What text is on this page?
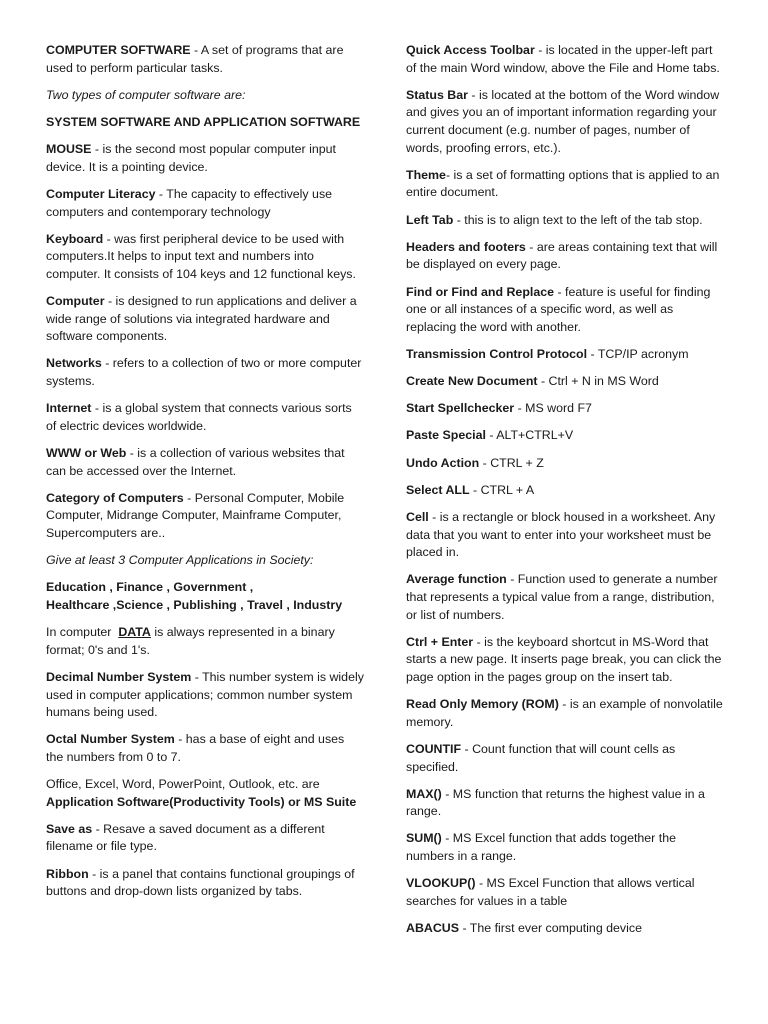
COMPUTER SOFTWARE - A set of programs that are used to perform particular tasks.

Two types of computer software are:

SYSTEM SOFTWARE AND APPLICATION SOFTWARE

MOUSE - is the second most popular computer input device. It is a pointing device.

Computer Literacy - The capacity to effectively use computers and contemporary technology

Keyboard - was first peripheral device to be used with computers.It helps to input text and numbers into computer. It consists of 104 keys and 12 functional keys.

Computer - is designed to run applications and deliver a wide range of solutions via integrated hardware and software components.

Networks - refers to a collection of two or more computer systems.

Internet - is a global system that connects various sorts of electric devices worldwide.

WWW or Web - is a collection of various websites that can be accessed over the Internet.

Category of Computers - Personal Computer, Mobile Computer, Midrange Computer, Mainframe Computer, Supercomputers are..

Give at least 3 Computer Applications in Society:

Education , Finance , Government ,
Healthcare ,Science , Publishing , Travel , Industry

In computer  DATA is always represented in a binary format; 0's and 1's.

Decimal Number System - This number system is widely used in computer applications; common number system humans being used.

Octal Number System - has a base of eight and uses the numbers from 0 to 7.

Office, Excel, Word, PowerPoint, Outlook, etc. are
Application Software(Productivity Tools) or MS Suite

Save as - Resave a saved document as a different filename or file type.

Ribbon - is a panel that contains functional groupings of buttons and drop-down lists organized by tabs.

Quick Access Toolbar - is located in the upper-left part of the main Word window, above the File and Home tabs.

Status Bar - is located at the bottom of the Word window and gives you an of important information regarding your current document (e.g. number of pages, number of words, proofing errors, etc.).

Theme- is a set of formatting options that is applied to an entire document.

Left Tab - this is to align text to the left of the tab stop.

Headers and footers - are areas containing text that will be displayed on every page.

Find or Find and Replace - feature is useful for finding one or all instances of a specific word, as well as replacing the word with another.

Transmission Control Protocol - TCP/IP acronym

Create New Document - Ctrl + N in MS Word

Start Spellchecker - MS word F7

Paste Special - ALT+CTRL+V

Undo Action - CTRL + Z

Select ALL - CTRL + A

Cell - is a rectangle or block housed in a worksheet. Any data that you want to enter into your worksheet must be placed in.

Average function - Function used to generate a number that represents a typical value from a range, distribution, or list of numbers.

Ctrl + Enter - is the keyboard shortcut in MS-Word that starts a new page. It inserts page break, you can click the page option in the pages group on the insert tab.

Read Only Memory (ROM) - is an example of nonvolatile memory.

COUNTIF - Count function that will count cells as specified.

MAX() - MS function that returns the highest value in a range.

SUM() - MS Excel function that adds together the numbers in a range.

VLOOKUP() - MS Excel Function that allows vertical searches for values in a table

ABACUS - The first ever computing device
